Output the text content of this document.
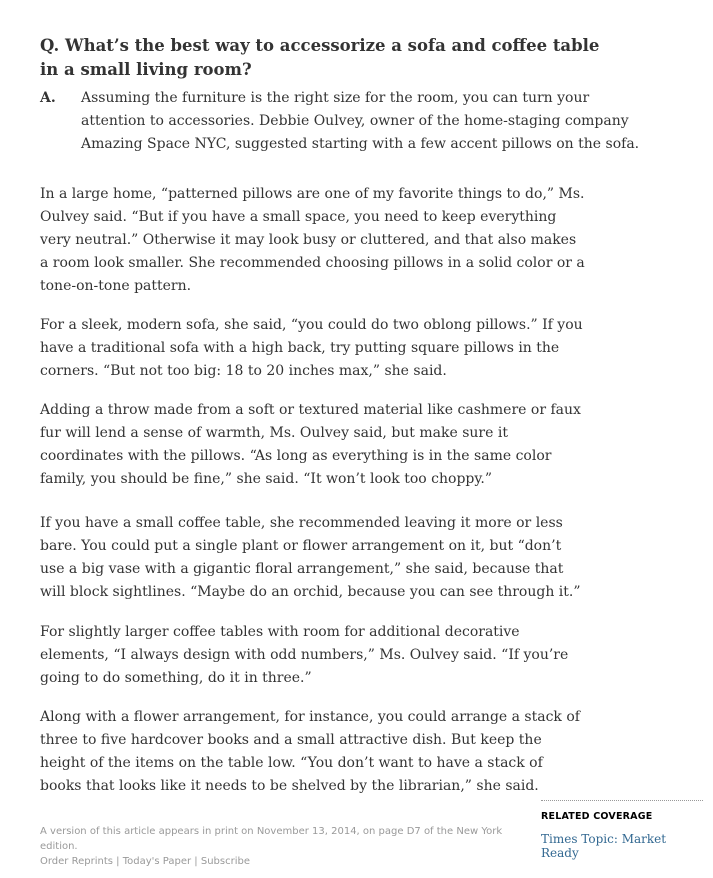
Q. What’s the best way to accessorize a sofa and coffee table in a small living room?
A. Assuming the furniture is the right size for the room, you can turn your attention to accessories. Debbie Oulvey, owner of the home-staging company Amazing Space NYC, suggested starting with a few accent pillows on the sofa.

In a large home, “patterned pillows are one of my favorite things to do,” Ms. Oulvey said. “But if you have a small space, you need to keep everything very neutral.” Otherwise it may look busy or cluttered, and that also makes a room look smaller. She recommended choosing pillows in a solid color or a tone-on-tone pattern.

For a sleek, modern sofa, she said, “you could do two oblong pillows.” If you have a traditional sofa with a high back, try putting square pillows in the corners. “But not too big: 18 to 20 inches max,” she said.

Adding a throw made from a soft or textured material like cashmere or faux fur will lend a sense of warmth, Ms. Oulvey said, but make sure it coordinates with the pillows. “As long as everything is in the same color family, you should be fine,” she said. “It won’t look too choppy.”

If you have a small coffee table, she recommended leaving it more or less bare. You could put a single plant or flower arrangement on it, but “don’t use a big vase with a gigantic floral arrangement,” she said, because that will block sightlines. “Maybe do an orchid, because you can see through it.”

For slightly larger coffee tables with room for additional decorative elements, “I always design with odd numbers,” Ms. Oulvey said. “If you’re going to do something, do it in three.”

Along with a flower arrangement, for instance, you could arrange a stack of three to five hardcover books and a small attractive dish. But keep the height of the items on the table low. “You don’t want to have a stack of books that looks like it needs to be shelved by the librarian,” she said.

A version of this article appears in print on November 13, 2014, on page D7 of the New York edition.
Order Reprints | Today's Paper | Subscribe
RELATED COVERAGE
Times Topic: Market Ready
